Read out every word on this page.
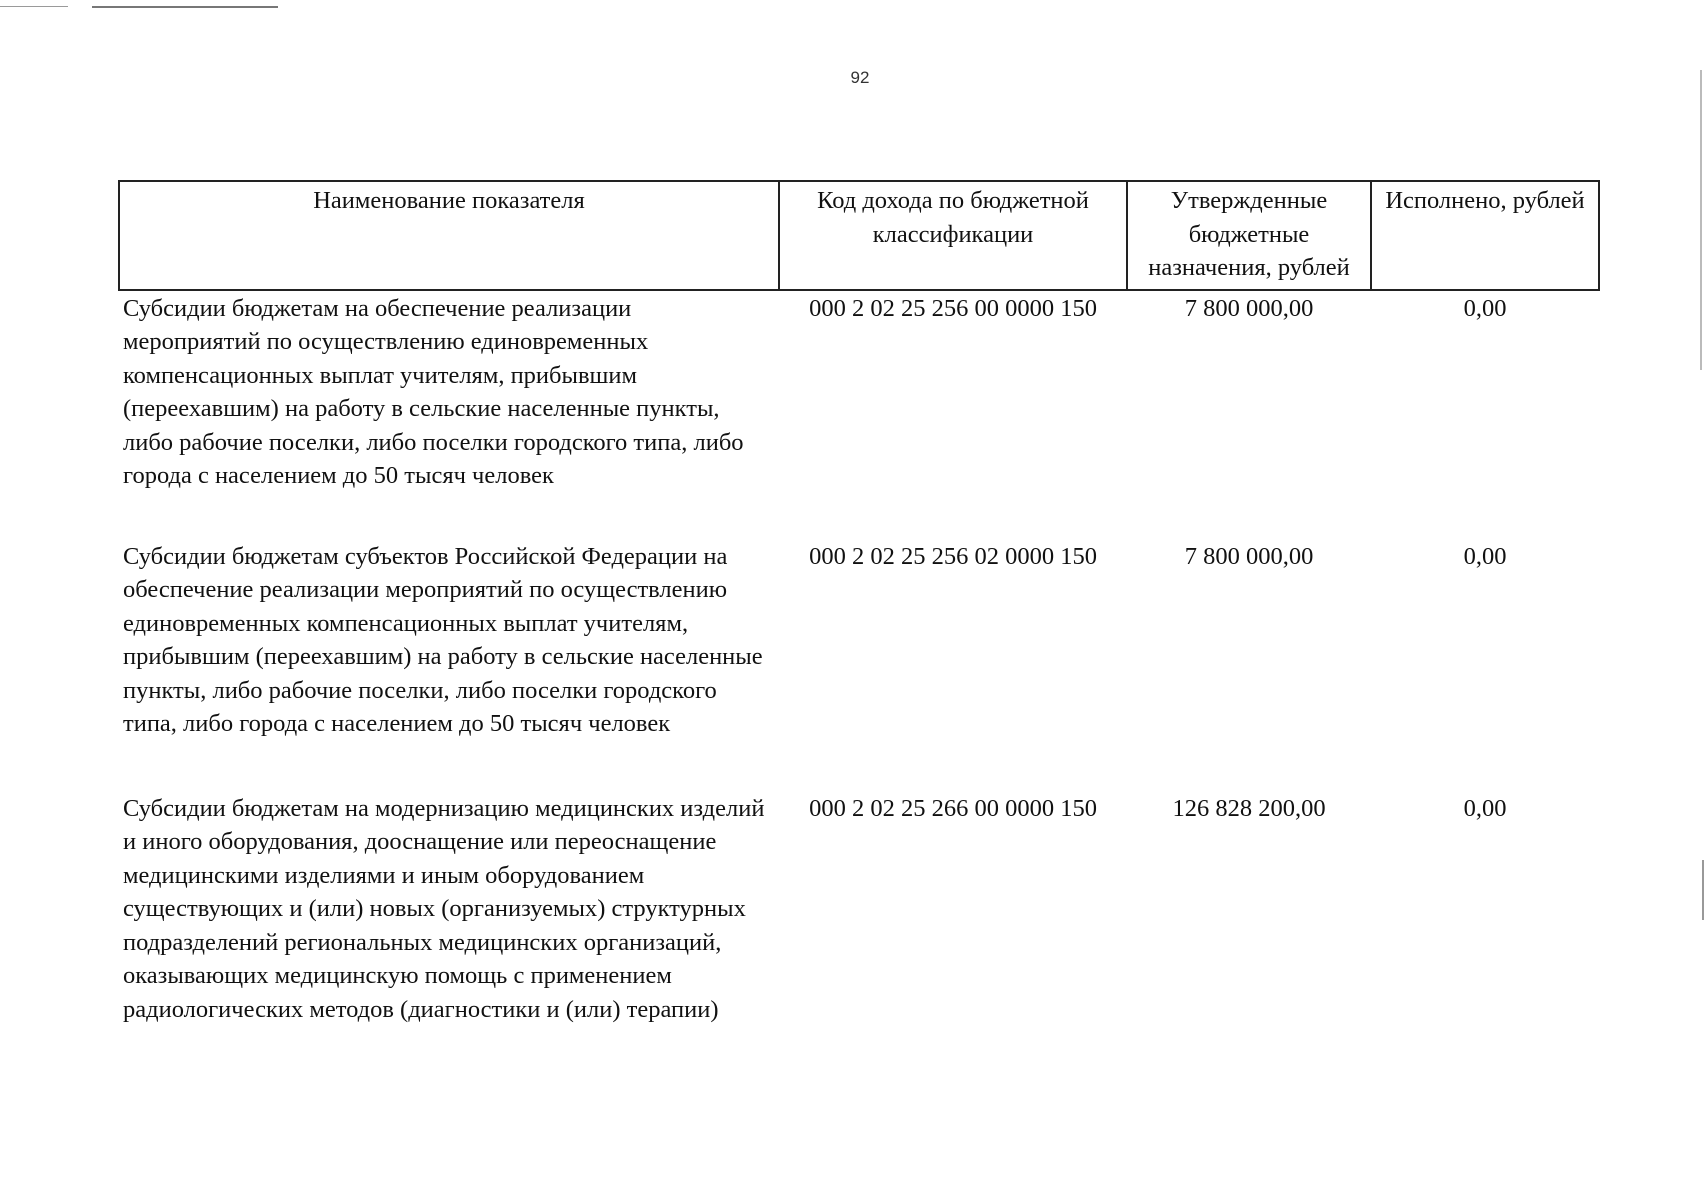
92
Наименование показателя	Код дохода по бюджетной классификации	Утвержденные бюджетные назначения, рублей	Исполнено, рублей
Субсидии бюджетам на обеспечение реализации мероприятий по осуществлению единовременных компенсационных выплат учителям, прибывшим (переехавшим) на работу в сельские населенные пункты, либо рабочие поселки, либо поселки городского типа, либо города с населением до 50 тысяч человек	000 2 02 25 256 00 0000 150	7 800 000,00	0,00
Субсидии бюджетам субъектов Российской Федерации на обеспечение реализации мероприятий по осуществлению единовременных компенсационных выплат учителям, прибывшим (переехавшим) на работу в сельские населенные пункты, либо рабочие поселки, либо поселки городского типа, либо города с населением до 50 тысяч человек	000 2 02 25 256 02 0000 150	7 800 000,00	0,00
Субсидии бюджетам на модернизацию медицинских изделий и иного оборудования, дооснащение или переоснащение медицинскими изделиями и иным оборудованием существующих и (или) новых (организуемых) структурных подразделений региональных медицинских организаций, оказывающих медицинскую помощь с применением радиологических методов (диагностики и (или) терапии)	000 2 02 25 266 00 0000 150	126 828 200,00	0,00
